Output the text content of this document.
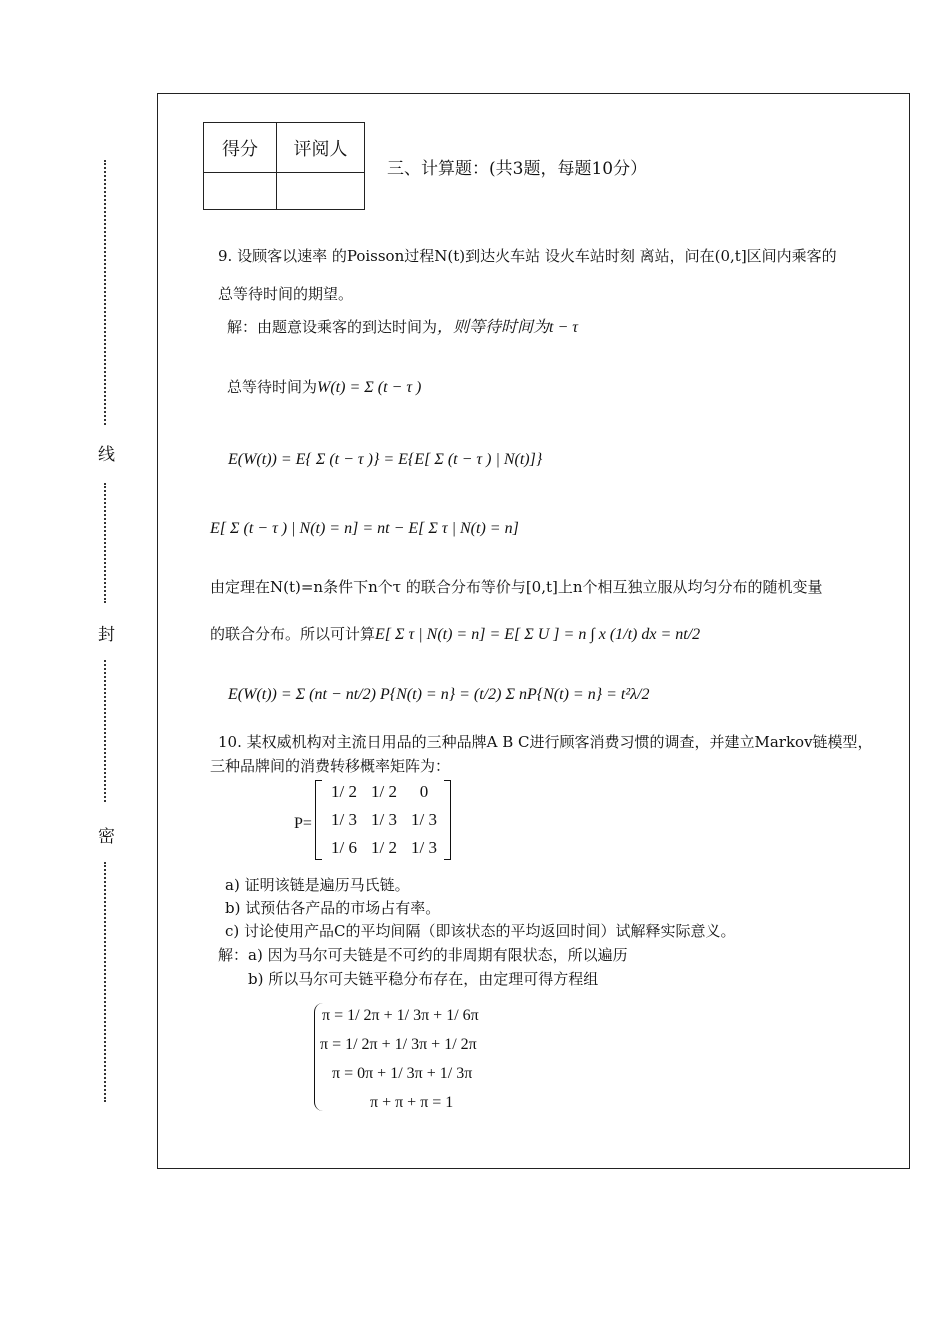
线
封
密
得分	评阅人

三、计算题：(共3题，每题10分）
9. 设顾客以速率 的Poisson过程N(t)到达火车站 设火车站时刻 离站，问在(0,t]区间内乘客的
总等待时间的期望。
解：由题意设乘客的到达时间为，则等待时间为t − τ
总等待时间为W(t) = Σ (t − τ )
E(W(t)) = E{ Σ (t − τ )} = E{E[ Σ (t − τ ) | N(t)]}
E[ Σ (t − τ ) | N(t) = n] = nt − E[ Σ τ | N(t) = n]
由定理在N(t)=n条件下n个τ 的联合分布等价与[0,t]上n个相互独立服从均匀分布的随机变量
的联合分布。所以可计算E[ Σ τ | N(t) = n] = E[ Σ U ] = n ∫ x (1/t) dx = nt/2
E(W(t)) = Σ (nt − nt/2) P{N(t) = n} = (t/2) Σ nP{N(t) = n} = t²λ/2
10. 某权威机构对主流日用品的三种品牌A B C进行顾客消费习惯的调查，并建立Markov链模型，
三种品牌间的消费转移概率矩阵为：
P=
1/ 2 1/ 2 0
1/ 3 1/ 3 1/ 3
1/ 6 1/ 2 1/ 3
a) 证明该链是遍历马氏链。
b) 试预估各产品的市场占有率。
c) 讨论使用产品C的平均间隔（即该状态的平均返回时间）试解释实际意义。
解：a) 因为马尔可夫链是不可约的非周期有限状态，所以遍历
b) 所以马尔可夫链平稳分布存在，由定理可得方程组
π = 1/ 2π + 1/ 3π + 1/ 6π
π = 1/ 2π + 1/ 3π + 1/ 2π
π = 0π + 1/ 3π + 1/ 3π
π + π + π = 1
